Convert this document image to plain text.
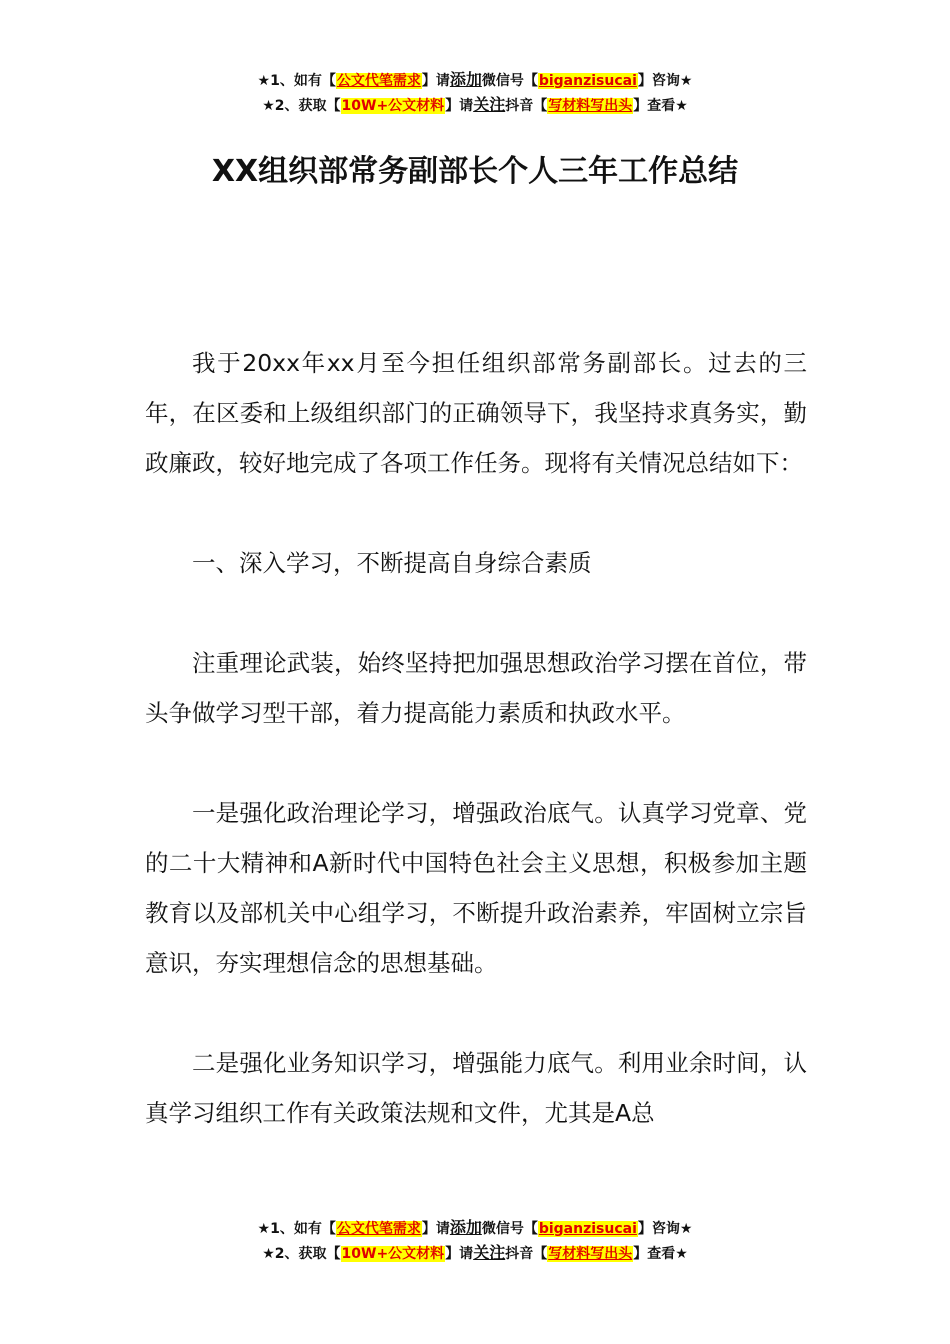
★1、如有【公文代笔需求】请添加微信号【biganzisucai】咨询★
★2、获取【10W+公文材料】请关注抖音【写材料写出头】查看★
XX组织部常务副部长个人三年工作总结

我于20xx年xx月至今担任组织部常务副部长。过去的三年，在区委和上级组织部门的正确领导下，我坚持求真务实，勤政廉政，较好地完成了各项工作任务。现将有关情况总结如下：

一、深入学习，不断提高自身综合素质

注重理论武装，始终坚持把加强思想政治学习摆在首位，带头争做学习型干部，着力提高能力素质和执政水平。

一是强化政治理论学习，增强政治底气。认真学习党章、党的二十大精神和A新时代中国特色社会主义思想，积极参加主题教育以及部机关中心组学习，不断提升政治素养，牢固树立宗旨意识，夯实理想信念的思想基础。

二是强化业务知识学习，增强能力底气。利用业余时间，认真学习组织工作有关政策法规和文件，尤其是A总

★1、如有【公文代笔需求】请添加微信号【biganzisucai】咨询★
★2、获取【10W+公文材料】请关注抖音【写材料写出头】查看★
